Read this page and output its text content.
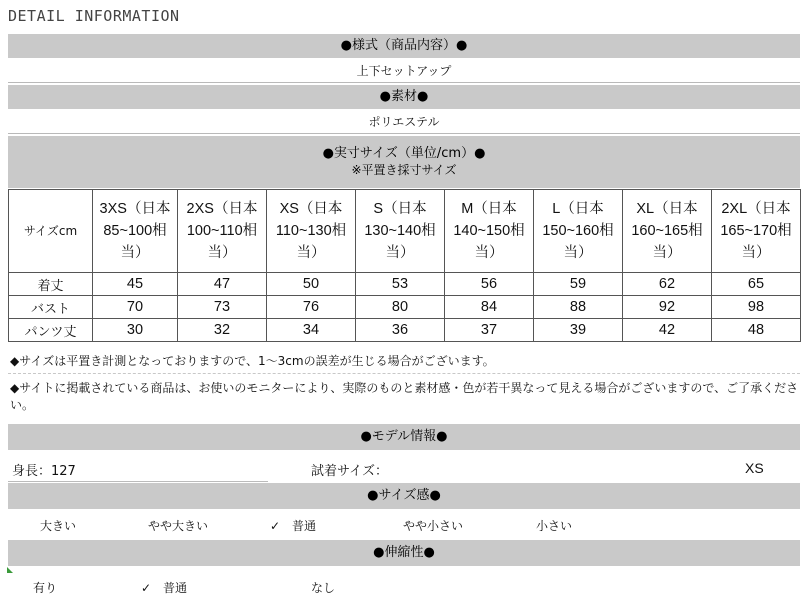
DETAIL INFORMATION
●様式（商品内容）●
上下セットアップ
●素材●
ポリエステル
●実寸サイズ（単位/cm）●
※平置き採寸サイズ
サイズcm	3XS（日本85~100相当）	2XS（日本100~110相当）	XS（日本110~130相当）	S（日本130~140相当）	M（日本140~150相当）	L（日本150~160相当）	XL（日本160~165相当）	2XL（日本165~170相当）
着丈	45	47	50	53	56	59	62	65
バスト	70	73	76	80	84	88	92	98
パンツ丈	30	32	34	36	37	39	42	48
◆サイズは平置き計測となっておりますので、1〜3cmの誤差が生じる場合がございます。
◆サイトに掲載されている商品は、お使いのモニターにより、実際のものと素材感・色が若干異なって見える場合がございますので、ご了承ください。
●モデル情報●
身長：127	試着サイズ：	XS
●サイズ感●
大きい	やや大きい	✓　普通	やや小さい	小さい
●伸縮性●
有り	✓　普通	なし
